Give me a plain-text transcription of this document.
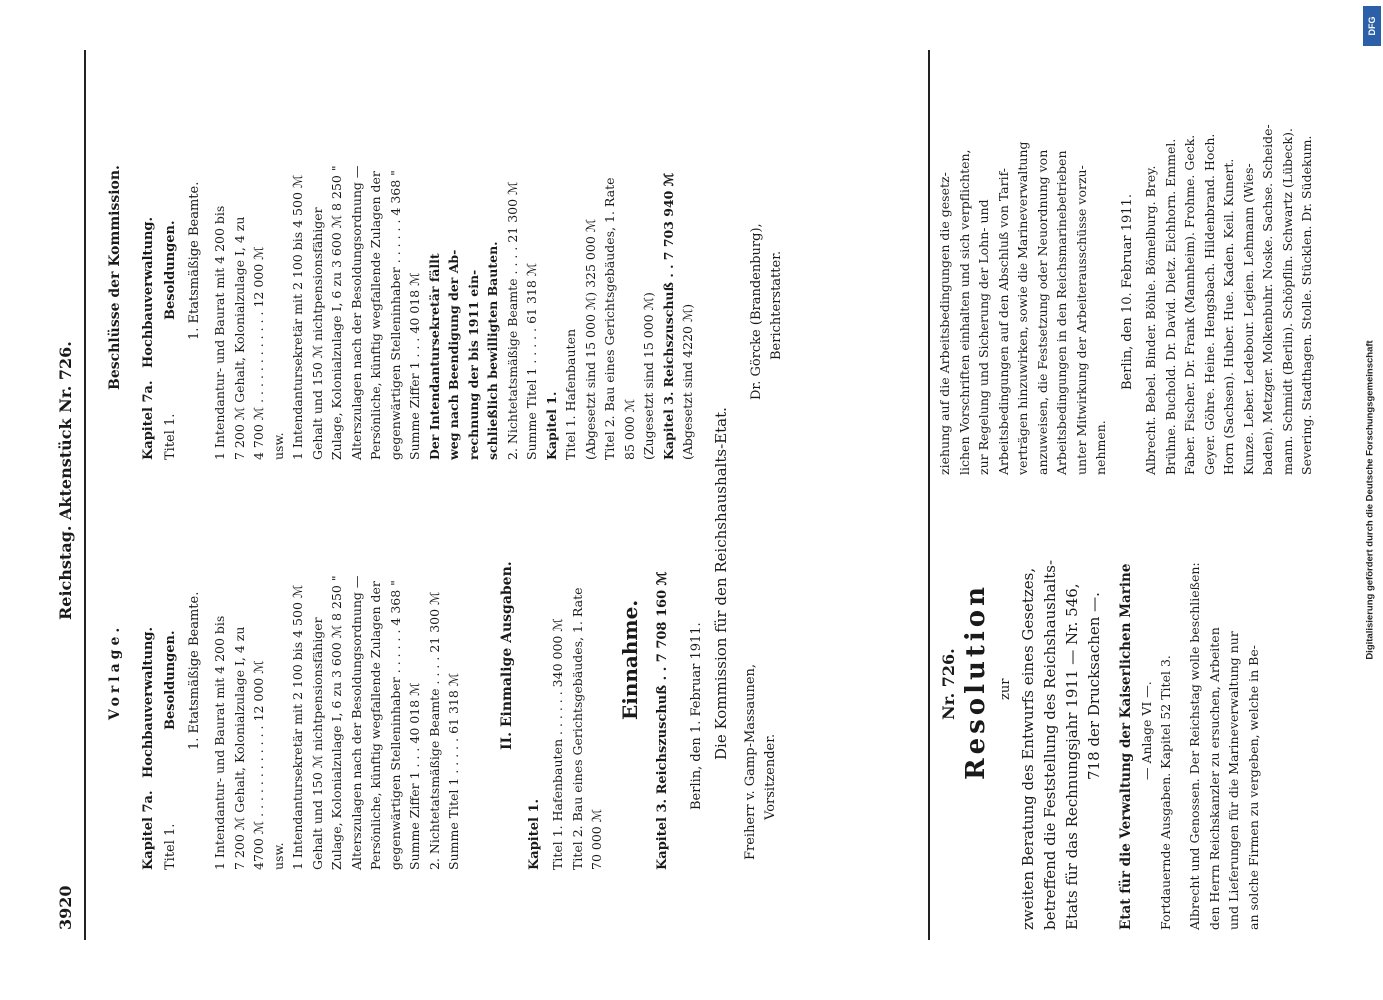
3920
Reichstag. Aktenstück Nr. 726.
Vorlage.
Kapitel 7a.
Hochbauverwaltung.
Titel 1.
Besoldungen. 1. Etatsmäßige Beamte. 1 Intendantur- und Baurat mit 4 200 bis 7 200 ℳ Gehalt, Kolonialzulage I, 4 zu 4700 ℳ . . . . . . . . . . . . 12 000 ℳ usw. 1 Intendantursekretär mit 2 100 bis 4 500 ℳ Gehalt und 150 ℳ nichtpensionsfähiger Zulage, Kolonialzulage I, 6 zu 3 600 ℳ 8 250 " Alterszulagen nach der Besoldungsordnung — Persönliche, künftig wegfallende Zulagen der gegenwärtigen Stelleninhaber . . . . . . 4 368 " Summe Ziffer 1 . . . 40 018 ℳ 2. Nichtetatsmäßige Beamte . . . . 21 300 ℳ Summe Titel 1 . . . . . 61 318 ℳ
II. Einmalige Ausgaben.
Kapitel 1. Titel 1. Hafenbauten . . . . . . 340 000 ℳ Titel 2. Bau eines Gerichtsgebäudes, 1. Rate 70 000 ℳ
Einnahme. Kapitel 3. Reichszuschuß . . 7 708 160 ℳ Berlin, den 1. Februar 1911. Die Kommission für den Reichshaushalts-Etat.
Freiherr v. Gamp-Massaunen, Vorsitzender.
Beschlüsse der Kommission.
Kapitel 7a.
Hochbauverwaltung.
Titel 1.
Besoldungen. 1. Etatsmäßige Beamte. 1 Intendantur- und Baurat mit 4 200 bis 7 200 ℳ Gehalt, Kolonialzulage I, 4 zu 4 700 ℳ . . . . . . . . . . . . 12 000 ℳ usw. 1 Intendantursekretär mit 2 100 bis 4 500 ℳ Gehalt und 150 ℳ nichtpensionsfähiger Zulage, Kolonialzulage I, 6 zu 3 600 ℳ 8 250 " Alterszulagen nach der Besoldungsordnung — Persönliche, künftig wegfallende Zulagen der gegenwärtigen Stelleninhaber . . . . . . 4 368 " Summe Ziffer 1 . . . 40 018 ℳ Der Intendantursekretär fällt weg nach Beendigung der Ab- rechnung der bis 1911 ein- schließlich bewilligten Bauten. 2. Nichtetatsmäßige Beamte . . . . 21 300 ℳ Summe Titel 1 . . . . . 61 318 ℳ Kapitel 1. Titel 1. Hafenbauten (Abgesetzt sind 15 000 ℳ) 325 000 ℳ Titel 2. Bau eines Gerichtsgebäudes, 1. Rate 85 000 ℳ (Zugesetzt sind 15 000 ℳ) Kapitel 3. Reichszuschuß . . 7 703 940 ℳ (Abgesetzt sind 4220 ℳ)	Dr. Görcke (Brandenburg), Berichterstatter.
Nr. 726. Resolution zur zweiten Beratung des Entwurfs eines Gesetzes, betreffend die Feststellung des Reichshaushalts- Etats für das Rechnungsjahr 1911 — Nr. 546, 718 der Drucksachen —. Etat für die Verwaltung der Kaiserlichen Marine — Anlage VI —. Fortdauernde Ausgaben. Kapitel 52 Titel 3. Albrecht und Genossen. Der Reichstag wolle beschließen: den Herrn Reichskanzler zu ersuchen, Arbeiten und Lieferungen für die Marineverwaltung nur an solche Firmen zu vergeben, welche in Be-
ziehung auf die Arbeitsbedingungen die gesetz- lichen Vorschriften einhalten und sich verpflichten, zur Regelung und Sicherung der Lohn- und Arbeitsbedingungen auf den Abschluß von Tarif- verträgen hinzuwirken, sowie die Marineverwaltung anzuweisen, die Festsetzung oder Neuordnung von Arbeitsbedingungen in den Reichsmarinebetrieben unter Mitwirkung der Arbeiterausschüsse vorzu- nehmen.
Berlin, den 10. Februar 1911. Albrecht. Bebel. Binder. Böhle. Bömelburg. Brey. Brühne. Buchold. Dr. David. Dietz. Eichhorn. Emmel. Faber. Fischer. Dr. Frank (Mannheim). Frohme. Geck. Geyer. Göhre. Heine. Hengsbach. Hildenbrand. Hoch. Horn (Sachsen). Huber. Hue. Kaden. Keil. Kunert. Kunze. Leber. Ledebour. Legien. Lehmann (Wies- baden). Metzger. Molkenbuhr. Noske. Sachse. Scheide- mann. Schmidt (Berlin). Schöpflin. Schwartz (Lübeck). Severing. Stadthagen. Stolle. Stücklen. Dr. Südekum.
Digitalisierung gefördert durch die Deutsche Forschungsgemeinschaft
DFG
